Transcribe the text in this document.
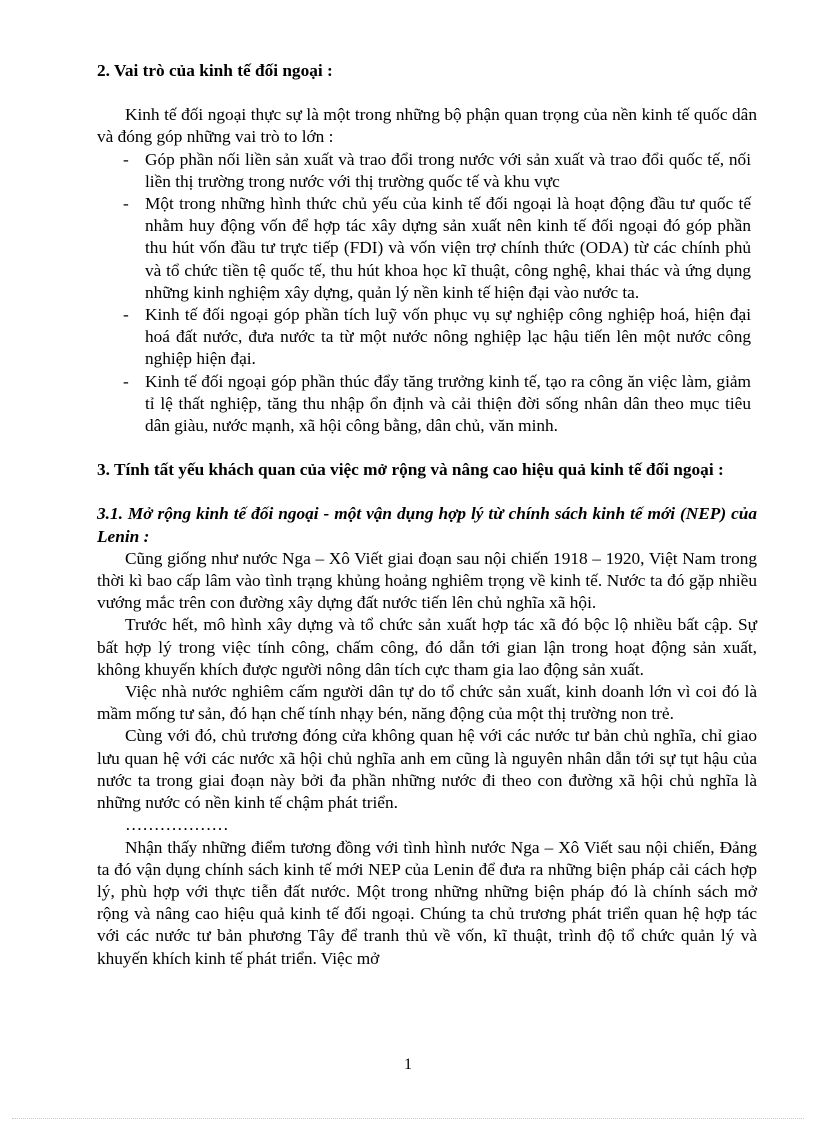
2. Vai trò của kinh tế đối ngoại :

Kinh tế đối ngoại thực sự là một trong những bộ phận quan trọng của nền kinh tế quốc dân và đóng góp những vai trò to lớn :

- Góp phần nối liền sản xuất và trao đổi trong nước với sản xuất và trao đổi quốc tế, nối liền thị trường trong nước với thị trường quốc tế và khu vực
- Một trong những hình thức chủ yếu của kinh tế đối ngoại là hoạt động đầu tư quốc tế nhằm huy động vốn để hợp tác xây dựng sản xuất nên kinh tế đối ngoại đó góp phần thu hút vốn đầu tư trực tiếp (FDI) và vốn viện trợ chính thức (ODA) từ các chính phủ và tổ chức tiền tệ quốc tế, thu hút khoa học kĩ thuật, công nghệ, khai thác và ứng dụng những kinh nghiệm xây dựng, quản lý nền kinh tế hiện đại vào nước ta.
- Kinh tế đối ngoại góp phần tích luỹ vốn phục vụ sự nghiệp công nghiệp hoá, hiện đại hoá đất nước, đưa nước ta từ một nước nông nghiệp lạc hậu tiến lên một nước công nghiệp hiện đại.
- Kinh tế đối ngoại góp phần thúc đẩy tăng trưởng kinh tế, tạo ra công ăn việc làm, giảm tỉ lệ thất nghiệp, tăng thu nhập ổn định và cải thiện đời sống nhân dân theo mục tiêu dân giàu, nước mạnh, xã hội công bằng, dân chủ, văn minh.

3. Tính tất yếu khách quan của việc mở rộng và nâng cao hiệu quả kinh tế đối ngoại :

3.1. Mở rộng kinh tế đối ngoại - một vận dụng hợp lý từ chính sách kinh tế mới (NEP) của Lenin :

Cũng giống như nước Nga – Xô Viết giai đoạn sau nội chiến 1918 – 1920, Việt Nam trong thời kì bao cấp lâm vào tình trạng khủng hoảng nghiêm trọng về kinh tế. Nước ta đó gặp nhiều vướng mắc trên con đường xây dựng đất nước tiến lên chủ nghĩa xã hội.

Trước hết, mô hình xây dựng và tổ chức sản xuất hợp tác xã đó bộc lộ nhiều bất cập. Sự bất hợp lý trong việc tính công, chấm công, đó dẫn tới gian lận trong hoạt động sản xuất, không khuyến khích được người nông dân tích cực tham gia lao động sản xuất.

Việc nhà nước nghiêm cấm người dân tự do tổ chức sản xuất, kinh doanh lớn vì coi đó là mầm mống tư sản, đó hạn chế tính nhạy bén, năng động của một thị trường non trẻ.

Cùng với đó, chủ trương đóng cửa không quan hệ với các nước tư bản chủ nghĩa, chỉ giao lưu quan hệ với các nước xã hội chủ nghĩa anh em cũng là nguyên nhân dẫn tới sự tụt hậu của nước ta trong giai đoạn này bởi đa phần những nước đi theo con đường xã hội chủ nghĩa là những nước có nền kinh tế chậm phát triển.

………………

Nhận thấy những điểm tương đồng với tình hình nước Nga – Xô Viết sau nội chiến, Đảng ta đó vận dụng chính sách kinh tế mới NEP của Lenin để đưa ra những biện pháp cải cách hợp lý, phù hợp với thực tiễn đất nước. Một trong những những biện pháp đó là chính sách mở rộng và nâng cao hiệu quả kinh tế đối ngoại. Chúng ta chủ trương phát triển quan hệ hợp tác với các nước tư bản phương Tây để tranh thủ về vốn, kĩ thuật, trình độ tổ chức quản lý và khuyến khích kinh tế phát triển. Việc mở

1
